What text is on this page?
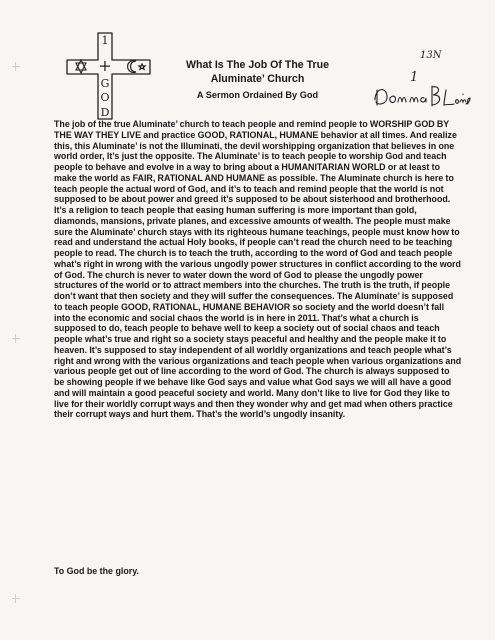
1
+
G
O
D
What Is The Job Of The True
Aluminate’ Church
A Sermon Ordained By God
13N
1

The job of the true Aluminate’ church to teach people and remind people to WORSHIP GOD BY THE WAY THEY LIVE and practice GOOD, RATIONAL, HUMANE behavior at all times. And realize this, this Aluminate’ is not the Illuminati, the devil worshipping organization that believes in one world order, It’s just the opposite. The Aluminate’ is to teach people to worship God and teach people to behave and evolve in a way to bring about a HUMANITARIAN WORLD or at least to make the world as FAIR, RATIONAL AND HUMANE as possible. The Aluminate church is here to teach people the actual word of God, and it’s to teach and remind people that the world is not supposed to be about power and greed it’s supposed to be about sisterhood and brotherhood. It’s a religion to teach people that easing human suffering is more important than gold, diamonds, mansions, private planes, and excessive amounts of wealth. The people must make sure the Aluminate’ church stays with its righteous humane teachings, people must know how to read and understand the actual Holy books, if people can’t read the church need to be teaching people to read. The church is to teach the truth, according to the word of God and teach people what’s right in wrong with the various ungodly power structures in conflict according to the word of God. The church is never to water down the word of God to please the ungodly power structures of the world or to attract members into the churches. The truth is the truth, if people don’t want that then society and they will suffer the consequences. The Aluminate’ is supposed to teach people GOOD, RATIONAL, HUMANE BEHAVIOR so society and the world doesn’t fall into the economic and social chaos the world is in here in 2011. That’s what a church is supposed to do, teach people to behave well to keep a society out of social chaos and teach people what’s true and right so a society stays peaceful and healthy and the people make it to heaven. It’s supposed to stay independent of all worldly organizations and teach people what’s right and wrong with the various organizations and teach people when various organizations and various people get out of line according to the word of God. The church is always supposed to be showing people if we behave like God says and value what God says we will all have a good and will maintain a good peaceful society and world. Many don’t like to live for God they like to live for their worldly corrupt ways and then they wonder why and get mad when others practice their corrupt ways and hurt them. That’s the world’s ungodly insanity.

To God be the glory.
